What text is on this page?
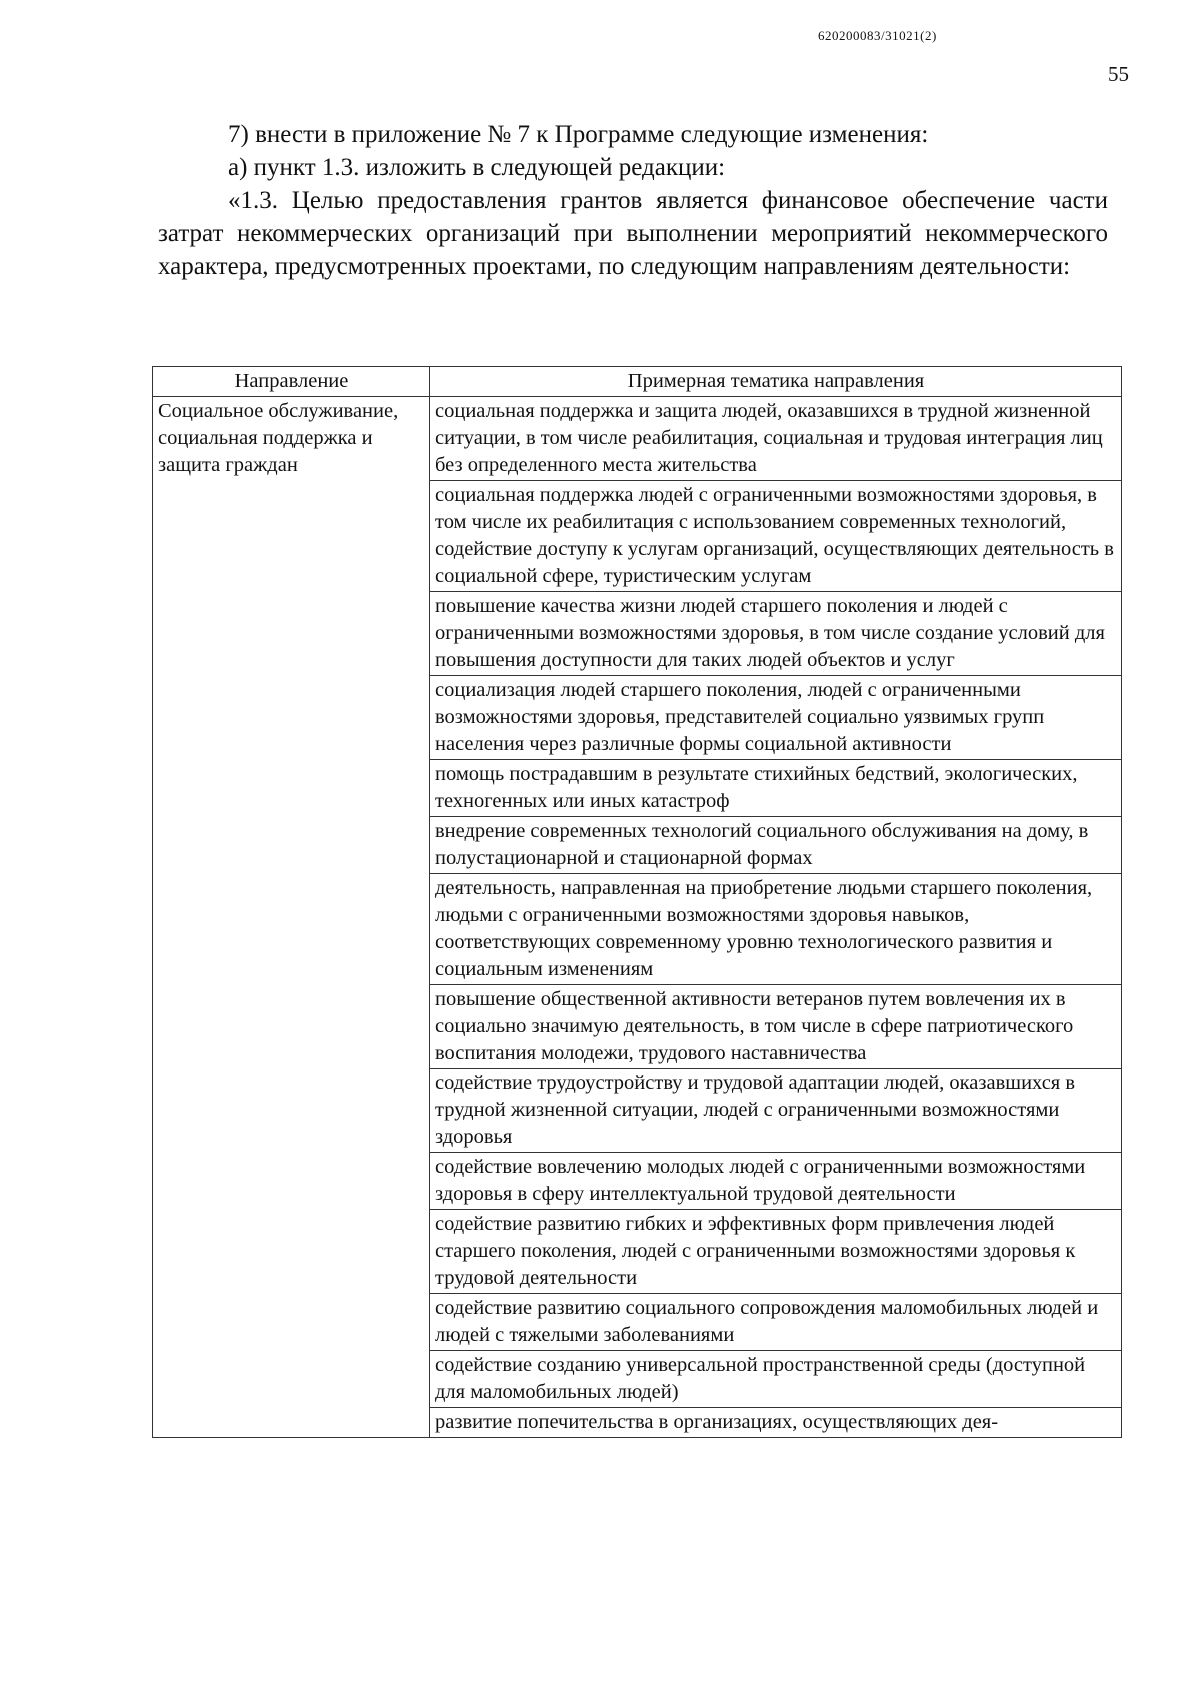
620200083/31021(2)
55

7) внести в приложение № 7 к Программе следующие изменения:

а) пункт 1.3. изложить в следующей редакции:

«1.3. Целью предоставления грантов является финансовое обеспечение части затрат некоммерческих организаций при выполнении мероприятий некоммерческого характера, предусмотренных проектами, по следующим направлениям деятельности:

Направление	Примерная тематика направления
Социальное обслуживание, социальная поддержка и защита граждан	социальная поддержка и защита людей, оказавшихся в трудной жизненной ситуации, в том числе реабилитация, социальная и трудовая интеграция лиц без определенного места жительства
	социальная поддержка людей с ограниченными возможностями здоровья, в том числе их реабилитация с использованием современных технологий, содействие доступу к услугам организаций, осуществляющих деятельность в социальной сфере, туристическим услугам
	повышение качества жизни людей старшего поколения и людей с ограниченными возможностями здоровья, в том числе создание условий для повышения доступности для таких людей объектов и услуг
	социализация людей старшего поколения, людей с ограниченными возможностями здоровья, представителей социально уязвимых групп населения через различные формы социальной активности
	помощь пострадавшим в результате стихийных бедствий, экологических, техногенных или иных катастроф
	внедрение современных технологий социального обслуживания на дому, в полустационарной и стационарной формах
	деятельность, направленная на приобретение людьми старшего поколения, людьми с ограниченными возможностями здоровья навыков, соответствующих современному уровню технологического развития и социальным изменениям
	повышение общественной активности ветеранов путем вовлечения их в социально значимую деятельность, в том числе в сфере патриотического воспитания молодежи, трудового наставничества
	содействие трудоустройству и трудовой адаптации людей, оказавшихся в трудной жизненной ситуации, людей с ограниченными возможностями здоровья
	содействие вовлечению молодых людей с ограниченными возможностями здоровья в сферу интеллектуальной трудовой деятельности
	содействие развитию гибких и эффективных форм привлечения людей старшего поколения, людей с ограниченными возможностями здоровья к трудовой деятельности
	содействие развитию социального сопровождения маломобильных людей и людей с тяжелыми заболеваниями
	содействие созданию универсальной пространственной среды (доступной для маломобильных людей)
	развитие попечительства в организациях, осуществляющих дея-
